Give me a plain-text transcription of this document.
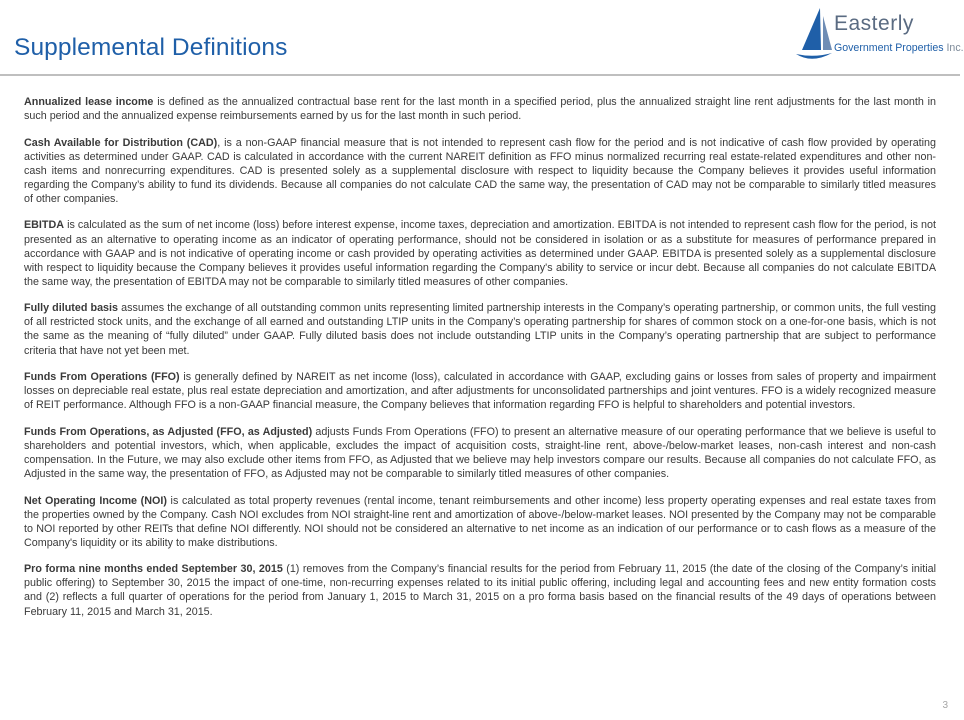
Supplemental Definitions
Easterly
Government Properties Inc.

Annualized lease income is defined as the annualized contractual base rent for the last month in a specified period, plus the annualized straight line rent adjustments for the last month in such period and the annualized expense reimbursements earned by us for the last month in such period.

Cash Available for Distribution (CAD), is a non-GAAP financial measure that is not intended to represent cash flow for the period and is not indicative of cash flow provided by operating activities as determined under GAAP. CAD is calculated in accordance with the current NAREIT definition as FFO minus normalized recurring real estate-related expenditures and other non-cash items and nonrecurring expenditures. CAD is presented solely as a supplemental disclosure with respect to liquidity because the Company believes it provides useful information regarding the Company’s ability to fund its dividends. Because all companies do not calculate CAD the same way, the presentation of CAD may not be comparable to similarly titled measures of other companies.

EBITDA is calculated as the sum of net income (loss) before interest expense, income taxes, depreciation and amortization. EBITDA is not intended to represent cash flow for the period, is not presented as an alternative to operating income as an indicator of operating performance, should not be considered in isolation or as a substitute for measures of performance prepared in accordance with GAAP and is not indicative of operating income or cash provided by operating activities as determined under GAAP. EBITDA is presented solely as a supplemental disclosure with respect to liquidity because the Company believes it provides useful information regarding the Company's ability to service or incur debt. Because all companies do not calculate EBITDA the same way, the presentation of EBITDA may not be comparable to similarly titled measures of other companies.

Fully diluted basis assumes the exchange of all outstanding common units representing limited partnership interests in the Company’s operating partnership, or common units, the full vesting of all restricted stock units, and the exchange of all earned and outstanding LTIP units in the Company’s operating partnership for shares of common stock on a one-for-one basis, which is not the same as the meaning of “fully diluted” under GAAP. Fully diluted basis does not include outstanding LTIP units in the Company’s operating partnership that are subject to performance criteria that have not yet been met.

Funds From Operations (FFO) is generally defined by NAREIT as net income (loss), calculated in accordance with GAAP, excluding gains or losses from sales of property and impairment losses on depreciable real estate, plus real estate depreciation and amortization, and after adjustments for unconsolidated partnerships and joint ventures. FFO is a widely recognized measure of REIT performance. Although FFO is a non-GAAP financial measure, the Company believes that information regarding FFO is helpful to shareholders and potential investors.

Funds From Operations, as Adjusted (FFO, as Adjusted) adjusts Funds From Operations (FFO) to present an alternative measure of our operating performance that we believe is useful to shareholders and potential investors, which, when applicable, excludes the impact of acquisition costs, straight-line rent, above-/below-market leases, non-cash interest and non-cash compensation. In the Future, we may also exclude other items from FFO, as Adjusted that we believe may help investors compare our results. Because all companies do not calculate FFO, as Adjusted in the same way, the presentation of FFO, as Adjusted may not be comparable to similarly titled measures of other companies.

Net Operating Income (NOI) is calculated as total property revenues (rental income, tenant reimbursements and other income) less property operating expenses and real estate taxes from the properties owned by the Company. Cash NOI excludes from NOI straight-line rent and amortization of above-/below-market leases. NOI presented by the Company may not be comparable to NOI reported by other REITs that define NOI differently. NOI should not be considered an alternative to net income as an indication of our performance or to cash flows as a measure of the Company's liquidity or its ability to make distributions.

Pro forma nine months ended September 30, 2015 (1) removes from the Company’s financial results for the period from February 11, 2015 (the date of the closing of the Company’s initial public offering) to September 30, 2015 the impact of one-time, non-recurring expenses related to its initial public offering, including legal and accounting fees and new entity formation costs and (2) reflects a full quarter of operations for the period from January 1, 2015 to March 31, 2015 on a pro forma basis based on the financial results of the 49 days of operations between February 11, 2015 and March 31, 2015.

3
